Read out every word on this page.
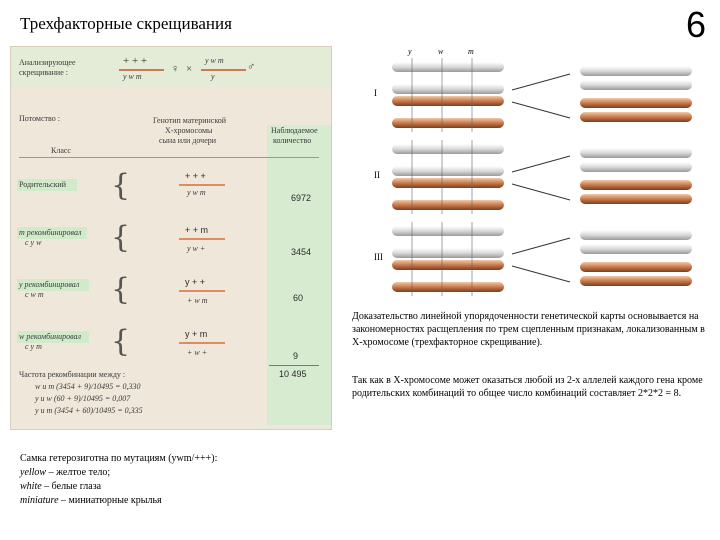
Трехфакторные скрещивания	6
Анализирующее
скрещивание :
+ + +
y w m
♀ ×
y w m
y
♂
Потомство :	Генотип материнской
Х-хромосомы
сына или дочери
Наблюдаемое
количество
Класс
Родительский {	+ + +
y w m
6972
m рекомбинировал
с у w {	+ + m
y w +	3454
y рекомбинировал
с w m {	y + +
+ w m	60
w рекомбинировал
с у m {	y + m
+ w +	9
10 495
Частота рекомбинации между :
w и m (3454 + 9)/10495 = 0,330
y и w (60 + 9)/10495 = 0,007
y и m (3454 + 60)/10495 = 0,335
I
II
III
y	w	m
Доказательство линейной упорядоченности генетической карты основывается на закономерностях расщепления по трем сцепленным признакам, локализованным в Х-хромосоме (трехфакторное скрещивание).
Так как в Х-хромосоме может оказаться любой из 2-х аллелей каждого гена кроме родительских комбинаций то общее число комбинаций составляет 2*2*2 = 8.
Самка гетерозиготна по мутациям (ywm/+++):
yellow – желтое тело;
white – белые глаза
miniature – миниатюрные крылья
